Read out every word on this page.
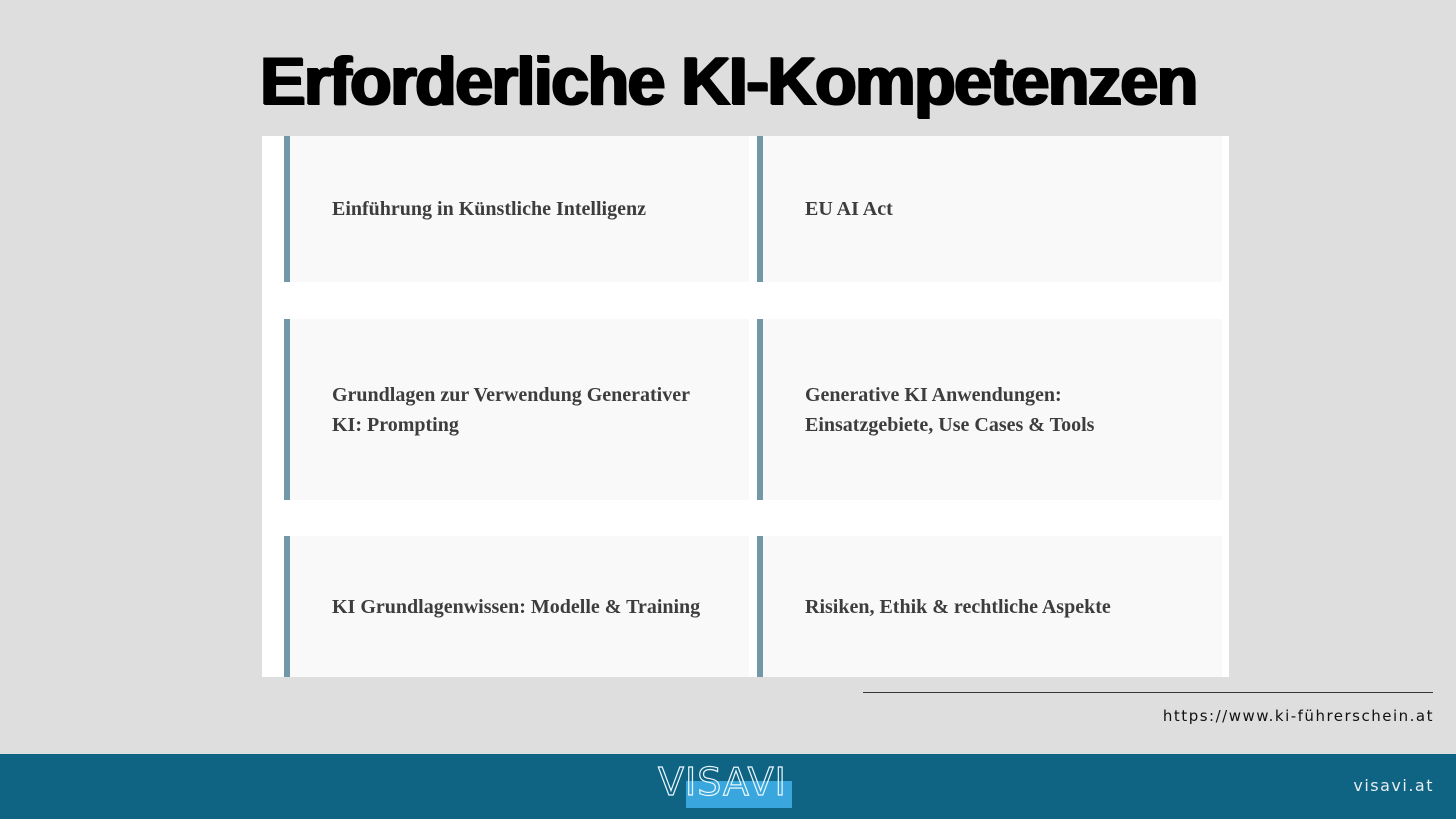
Erforderliche KI-Kompetenzen
Einführung in Künstliche Intelligenz	EU AI Act
Grundlagen zur Verwendung Generativer KI: Prompting
Generative KI Anwendungen: Einsatzgebiete, Use Cases & Tools
KI Grundlagenwissen: Modelle & Training	Risiken, Ethik & rechtliche Aspekte
https://www.ki-führerschein.at
VISAVI	visavi.at
